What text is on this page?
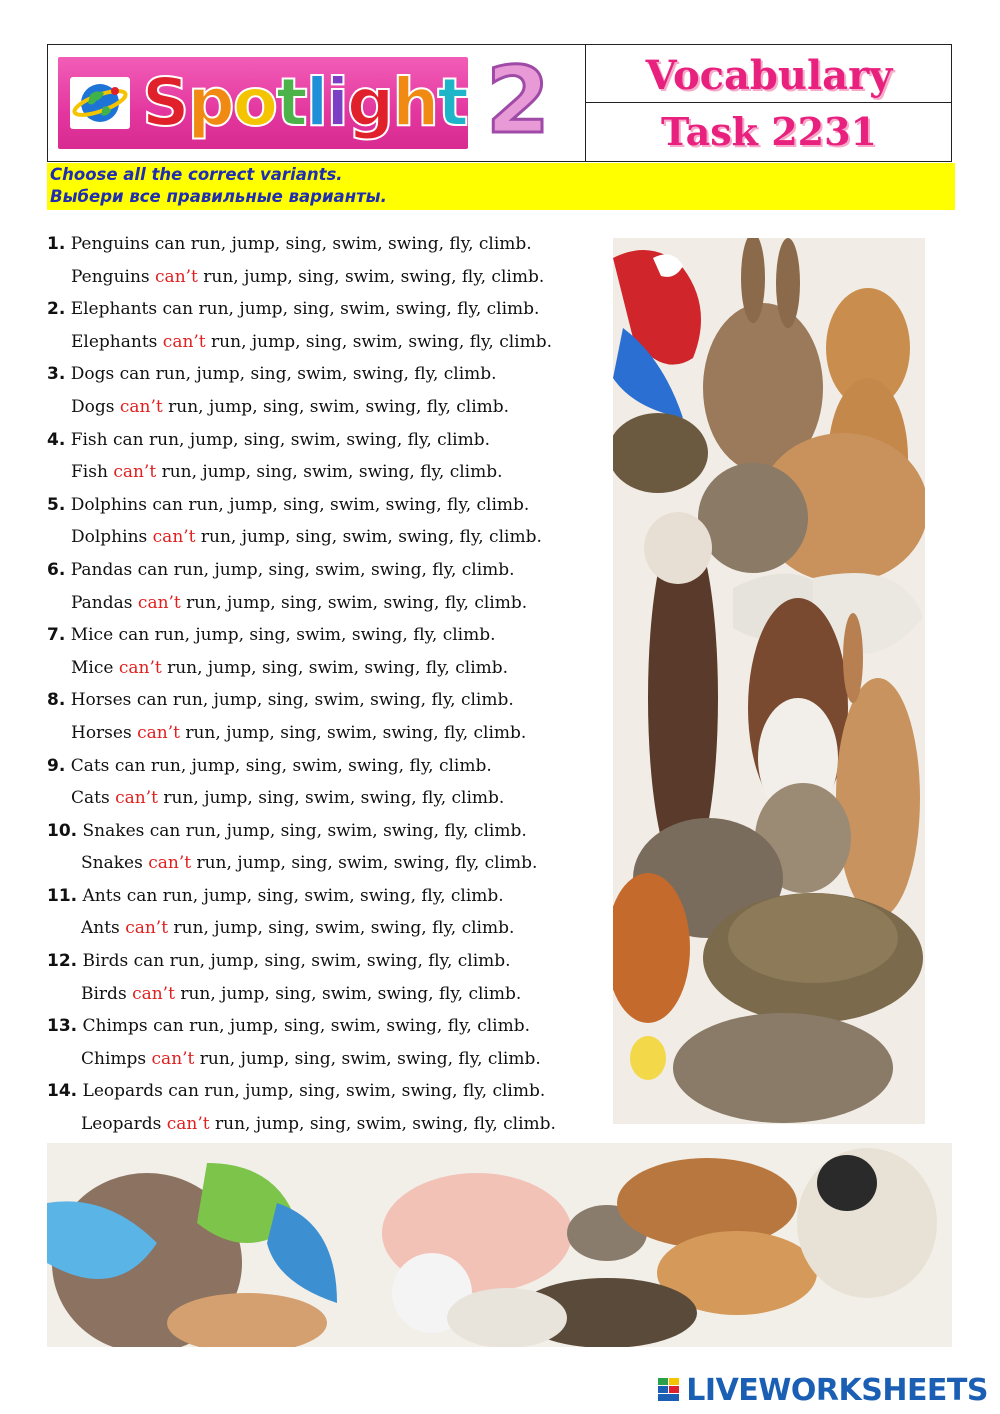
Spotlight 2	Vocabulary
Task 2231
Choose all the correct variants.
Выбери все правильные варианты.
1. Penguins can run, jump, sing, swim, swing, fly, climb.
Penguins can’t run, jump, sing, swim, swing, fly, climb.
2. Elephants can run, jump, sing, swim, swing, fly, climb.
Elephants can’t run, jump, sing, swim, swing, fly, climb.
3. Dogs can run, jump, sing, swim, swing, fly, climb.
Dogs can’t run, jump, sing, swim, swing, fly, climb.
4. Fish can run, jump, sing, swim, swing, fly, climb.
Fish can’t run, jump, sing, swim, swing, fly, climb.
5. Dolphins can run, jump, sing, swim, swing, fly, climb.
Dolphins can’t run, jump, sing, swim, swing, fly, climb.
6. Pandas can run, jump, sing, swim, swing, fly, climb.
Pandas can’t run, jump, sing, swim, swing, fly, climb.
7. Mice can run, jump, sing, swim, swing, fly, climb.
Mice can’t run, jump, sing, swim, swing, fly, climb.
8. Horses can run, jump, sing, swim, swing, fly, climb.
Horses can’t run, jump, sing, swim, swing, fly, climb.
9. Cats can run, jump, sing, swim, swing, fly, climb.
Cats can’t run, jump, sing, swim, swing, fly, climb.
10. Snakes can run, jump, sing, swim, swing, fly, climb.
Snakes can’t run, jump, sing, swim, swing, fly, climb.
11. Ants can run, jump, sing, swim, swing, fly, climb.
Ants can’t run, jump, sing, swim, swing, fly, climb.
12. Birds can run, jump, sing, swim, swing, fly, climb.
Birds can’t run, jump, sing, swim, swing, fly, climb.
13. Chimps can run, jump, sing, swim, swing, fly, climb.
Chimps can’t run, jump, sing, swim, swing, fly, climb.
14. Leopards can run, jump, sing, swim, swing, fly, climb.
Leopards can’t run, jump, sing, swim, swing, fly, climb.
LIVEWORKSHEETS
